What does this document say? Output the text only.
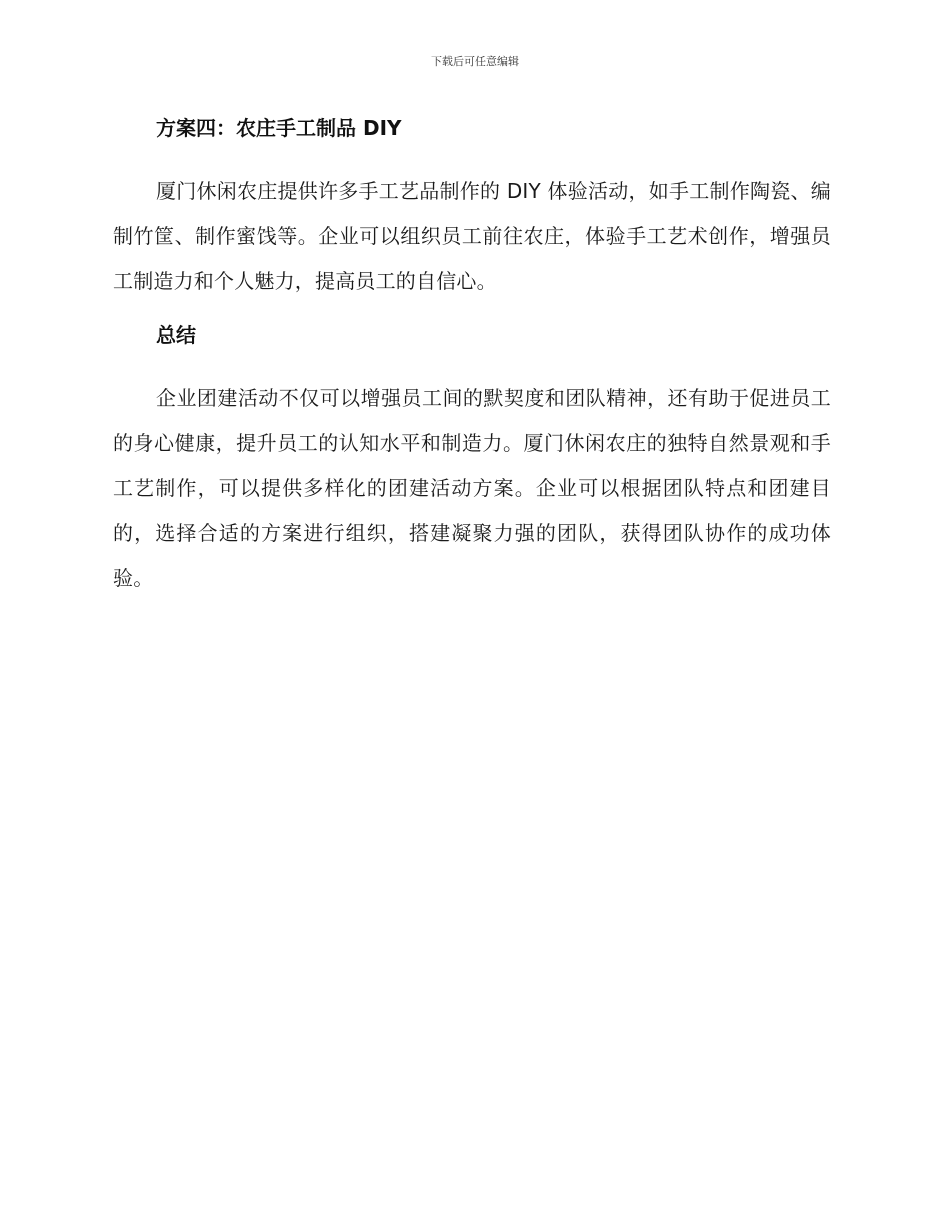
下载后可任意编辑
方案四：农庄手工制品 DIY

厦门休闲农庄提供许多手工艺品制作的 DIY 体验活动，如手工制作陶瓷、编制竹筐、制作蜜饯等。企业可以组织员工前往农庄，体验手工艺术创作，增强员工制造力和个人魅力，提高员工的自信心。

总结

企业团建活动不仅可以增强员工间的默契度和团队精神，还有助于促进员工的身心健康，提升员工的认知水平和制造力。厦门休闲农庄的独特自然景观和手工艺制作，可以提供多样化的团建活动方案。企业可以根据团队特点和团建目的，选择合适的方案进行组织，搭建凝聚力强的团队，获得团队协作的成功体验。
